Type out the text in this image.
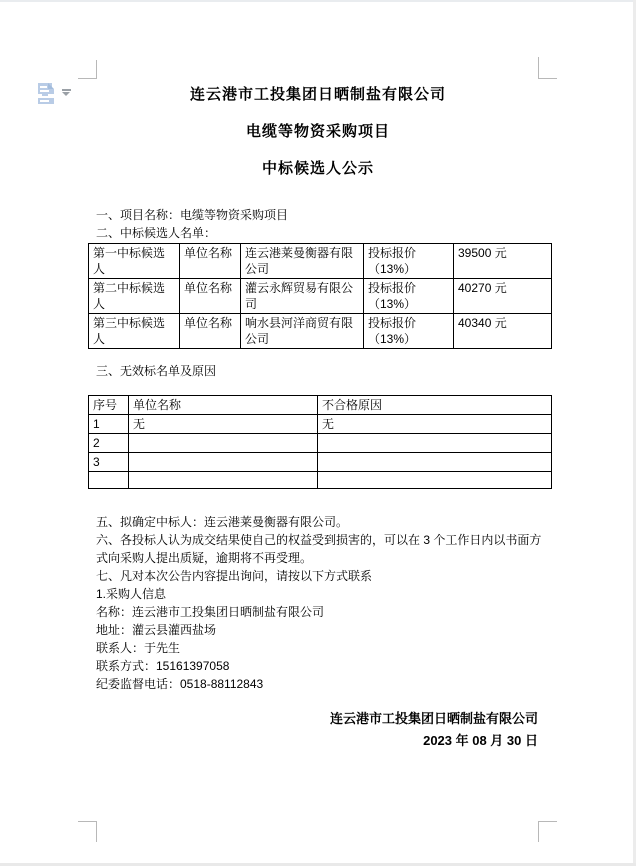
连云港市工投集团日晒制盐有限公司

电缆等物资采购项目

中标候选人公示

一、项目名称：电缆等物资采购项目
二、中标候选人名单：
第一中标候选人	单位名称	连云港莱曼衡器有限公司	投标报价（13%）	39500 元
第二中标候选人	单位名称	灌云永辉贸易有限公司	投标报价（13%）	40270 元
第三中标候选人	单位名称	响水县河洋商贸有限公司	投标报价（13%）	40340 元
三、无效标名单及原因
序号	单位名称	不合格原因
1	无	无
2		
3		

五、拟确定中标人：连云港莱曼衡器有限公司。

六、各投标人认为成交结果使自己的权益受到损害的，可以在 3 个工作日内以书面方式向采购人提出质疑，逾期将不再受理。

七、凡对本次公告内容提出询问，请按以下方式联系

1.采购人信息

名称：连云港市工投集团日晒制盐有限公司

地址：灌云县灌西盐场

联系人：于先生

联系方式：15161397058

纪委监督电话：0518-88112843

连云港市工投集团日晒制盐有限公司
2023 年 08 月 30 日
